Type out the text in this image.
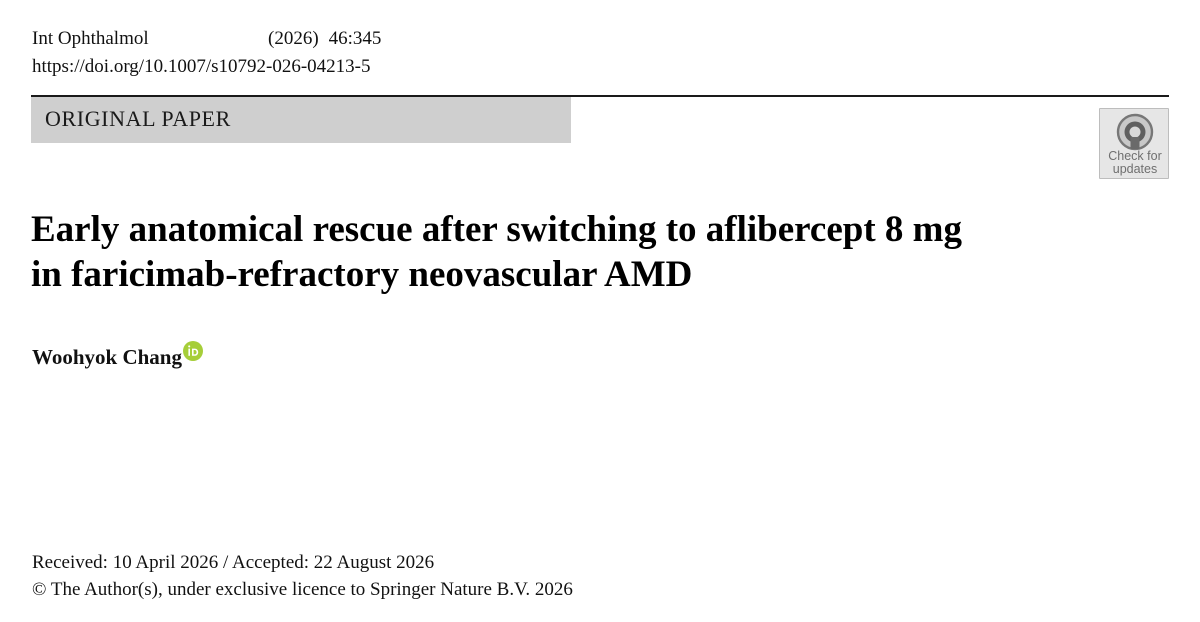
Int Ophthalmol	(2026) 46:345
https://doi.org/10.1007/s10792-026-04213-5
ORIGINAL PAPER
Check for
updates
Early anatomical rescue after switching to aflibercept 8 mg
in faricimab-refractory neovascular AMD
Woohyok Chang
Received: 10 April 2026 / Accepted: 22 August 2026
© The Author(s), under exclusive licence to Springer Nature B.V. 2026
